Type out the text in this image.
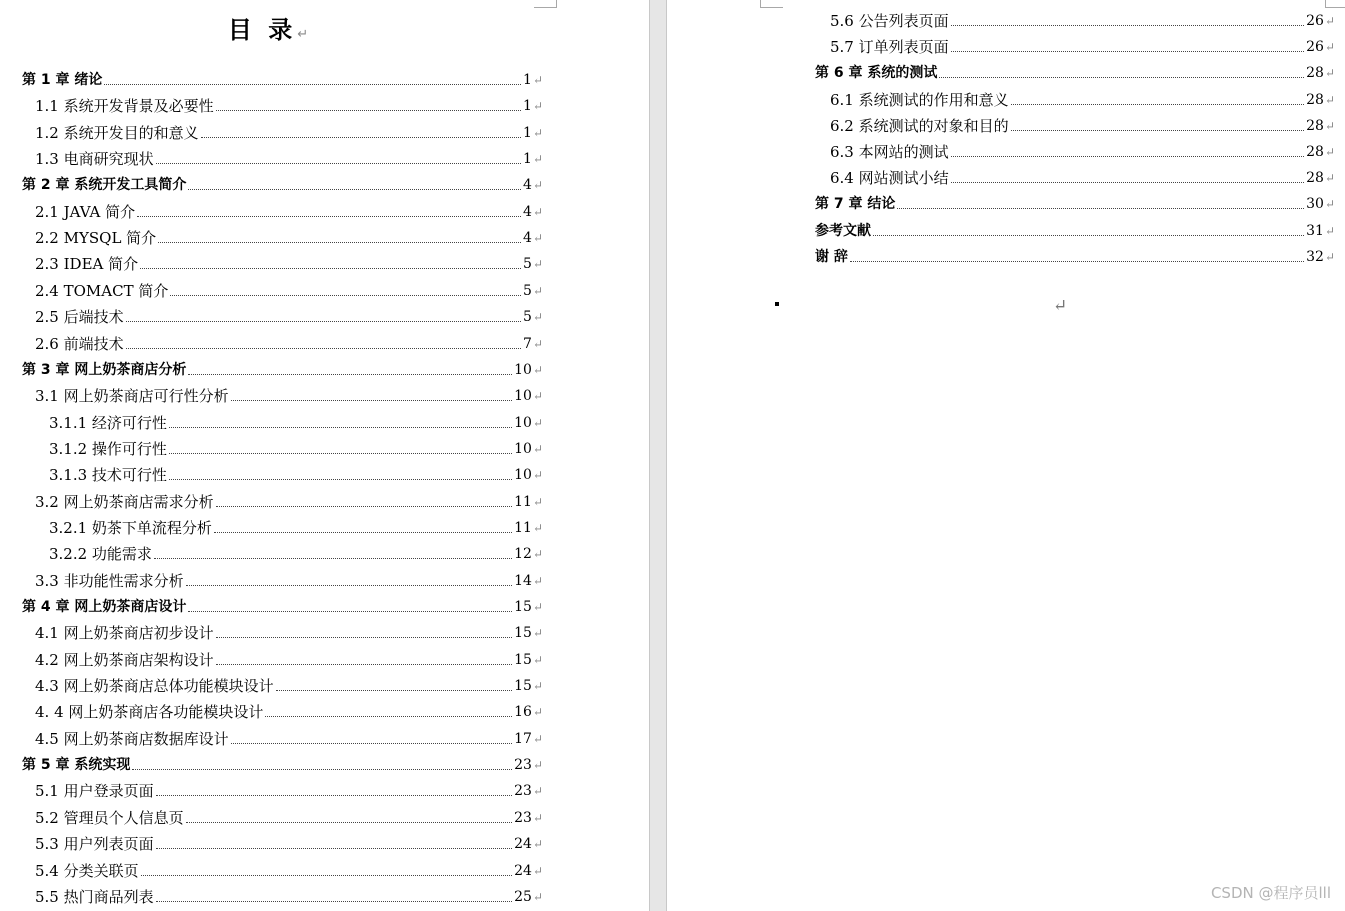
目 录↵
第 1 章 绪论	1 ↵
1.1 系统开发背景及必要性	1 ↵
1.2 系统开发目的和意义	1 ↵
1.3 电商研究现状	1 ↵
第 2 章 系统开发工具简介	4 ↵
2.1 JAVA 简介	4 ↵
2.2 MYSQL 简介	4 ↵
2.3 IDEA 简介	5 ↵
2.4 TOMACT 简介	5 ↵
2.5 后端技术	5 ↵
2.6 前端技术	7 ↵
第 3 章 网上奶茶商店分析	10 ↵
3.1 网上奶茶商店可行性分析	10 ↵
3.1.1 经济可行性	10 ↵
3.1.2 操作可行性	10 ↵
3.1.3 技术可行性	10 ↵
3.2 网上奶茶商店需求分析	11 ↵
3.2.1 奶茶下单流程分析	11 ↵
3.2.2 功能需求	12 ↵
3.3 非功能性需求分析	14 ↵
第 4 章 网上奶茶商店设计	15 ↵
4.1 网上奶茶商店初步设计	15 ↵
4.2 网上奶茶商店架构设计	15 ↵
4.3 网上奶茶商店总体功能模块设计	15 ↵
4. 4 网上奶茶商店各功能模块设计	16 ↵
4.5 网上奶茶商店数据库设计	17 ↵
第 5 章 系统实现	23 ↵
5.1 用户登录页面	23 ↵
5.2 管理员个人信息页	23 ↵
5.3 用户列表页面	24 ↵
5.4 分类关联页	24 ↵
5.5 热门商品列表	25 ↵
5.6 公告列表页面	26 ↵
5.7 订单列表页面	26 ↵
第 6 章 系统的测试	28 ↵
6.1 系统测试的作用和意义	28 ↵
6.2 系统测试的对象和目的	28 ↵
6.3 本网站的测试	28 ↵
6.4 网站测试小结	28 ↵
第 7 章 结论	30 ↵
参考文献	31 ↵
谢 辞	32 ↵
↵
CSDN @程序员lll
